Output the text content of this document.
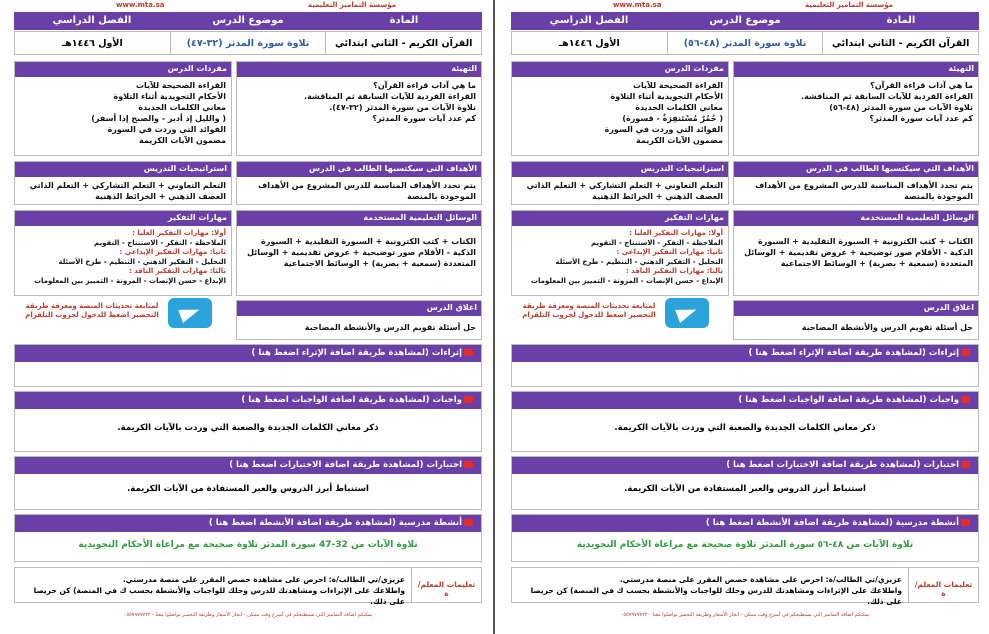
www.mta.sa	مؤسسة التماميز التعليمية
المادة
موضوع الدرس
الفصل الدراسي
القرآن الكريم - الثاني ابتدائي
تلاوة سورة المدثر (٣٢-٤٧)
الأول ١٤٤٦هـ
التهيئة
ما هي آداب قراءة القرآن؟
القراءة الفردية للآيات السابقة ثم المناقشة.
تلاوة الآيات من سورة المدثر (٣٢-٤٧).
كم عدد آيات سورة المدثر؟
مفردات الدرس
القراءة الصحيحة للآيات
الأحكام التجويدية أثناء التلاوة
معاني الكلمات الجديدة
( والليل إذ أدبر - والصبح إذا أسفر)
الفوائد التي وردت في السورة
مضمون الآيات الكريمة
الأهداف التي سيكتسبها الطالب في الدرس
يتم تحدد الأهداف المناسبة للدرس المشروع من الأهداف الموجودة بالمنصة
استراتيجيات التدريس
التعلم التعاوني + التعلم التشاركي + التعلم الذاتي العصف الذهني + الخرائط الذهنية
الوسائل التعليمية المستخدمة
الكتاب + كتب الكترونية + السبورة التقليدية + السبورة الذكية - الأقلام صور توضيحية + عروض تقديمية + الوسائل المتعددة (سمعية + بصرية) + الوسائط الاجتماعية
مهارات التفكير
أولا: مهارات التفكير العليا :
الملاحظة - التفكر - الاستنتاج - التقويم
ثانيا: مهارات التفكير الإبداعي :
التحليل - التفكير الذهني - التنظيم - طرح الأسئلة
ثالثا: مهارات التفكير الناقد :
الإبداع - حسن الإنصات - المرونة - التمييز بين المعلومات
اغلاق الدرس
حل أسئلة تقويم الدرس والأنشطة المصاحبة
لمتابعة تحديثات المنصة ومعرفة طريقة التحضير اضغط للدخول لجروب التلقرام
إثراءات (لمشاهدة طريقة اضافة الإثراء اضغط هنا )
واجبات (لمشاهدة طريقة اضافة الواجبات اضغط هنا )
ذكر معاني الكلمات الجديدة والصعبة التي وردت بالآيات الكريمة.
اختبارات (لمشاهدة طريقة اضافة الاختبارات اضغط هنا )
استنباط أبرز الدروس والعبر المستفادة من الآيات الكريمة.
أنشطة مدرسية (لمشاهدة طريقة اضافة الأنشطة اضغط هنا )
تلاوة الآيات من 32-47 سورة المدثر تلاوة صحيحة مع مراعاة الأحكام التجويدية
تعليمات المعلم/ة
عزيزي/تي الطالب/ة: احرص على مشاهدة حصص المقرر على منصة مدرستي.
واطلاعك على الإثراءات ومشاهدتك للدرس وحلك للواجبات والأنشطة بحسب ك في المنصة) كن حريصا على ذلك.
يمكنكم اضافة التماميز التي تستطيعكم في أسرع وقت ممكن - انجاز الأسعار وطريقة التحميز تواصلوا معنا - ٠٥٥٧٩٧٧٧٢٢
www.mta.sa	مؤسسة التماميز التعليمية
المادة
موضوع الدرس
الفصل الدراسي
القرآن الكريم - الثاني ابتدائي
تلاوة سورة المدثر (٤٨-٥٦)
الأول ١٤٤٦هـ
التهيئة
ما هي آداب قراءة القرآن؟
القراءة الفردية للآيات السابقة ثم المناقشة.
تلاوة الآيات من سورة المدثر (٤٨-٥٦)
كم عدد آيات سورة المدثر؟
مفردات الدرس
القراءة الصحيحة للآيات
الأحكام التجويدية أثناء التلاوة
معاني الكلمات الجديدة
( حُمُرٌ مُسْتَنفِرَةٌ - قسورة)
الفوائد التي وردت في السورة
مضمون الآيات الكريمة
الأهداف التي سيكتسبها الطالب في الدرس
يتم تحدد الأهداف المناسبة للدرس المشروع من الأهداف الموجودة بالمنصة
استراتيجيات التدريس
التعلم التعاوني + التعلم التشاركي + التعلم الذاتي العصف الذهني + الخرائط الذهنية
الوسائل التعليمية المستخدمة
الكتاب + كتب الكترونية + السبورة التقليدية + السبورة الذكية - الأقلام صور توضيحية + عروض تقديمية + الوسائل المتعددة (سمعية + بصرية) + الوسائط الاجتماعية
مهارات التفكير
أولا: مهارات التفكير العليا :
الملاحظة - التفكر - الاستنتاج - التقويم
ثانيا: مهارات التفكير الإبداعي :
التحليل - التفكير الذهني - التنظيم - طرح الأسئلة
ثالثا: مهارات التفكير الناقد :
الإبداع - حسن الإنصات - المرونة - التمييز بين المعلومات
اغلاق الدرس
حل أسئلة تقويم الدرس والأنشطة المصاحبة
لمتابعة تحديثات المنصة ومعرفة طريقة التحضير اضغط للدخول لجروب التلقرام
إثراءات (لمشاهدة طريقة اضافة الإثراء اضغط هنا )
واجبات (لمشاهدة طريقة اضافة الواجبات اضغط هنا )
ذكر معاني الكلمات الجديدة والصعبة التي وردت بالآيات الكريمة.
اختبارات (لمشاهدة طريقة اضافة الاختبارات اضغط هنا )
استنباط أبرز الدروس والعبر المستفادة من الآيات الكريمة.
أنشطة مدرسية (لمشاهدة طريقة اضافة الأنشطة اضغط هنا )
تلاوة الآيات من ٤٨-٥٦ سورة المدثر تلاوة صحيحة مع مراعاة الأحكام التجويدية
تعليمات المعلم/ة
عزيزي/تي الطالب/ة: احرص على مشاهدة حصص المقرر على منصة مدرستي.
واطلاعك على الإثراءات ومشاهدتك للدرس وحلك للواجبات والأنشطة بحسب ك في المنصة) كن حريصا على ذلك.
يمكنكم اضافة التماميز التي تستطيعكم في أسرع وقت ممكن - انجاز الأسعار وطريقة التحميز تواصلوا معنا - ٠٥٥٧٩٧٧٧٢٢
